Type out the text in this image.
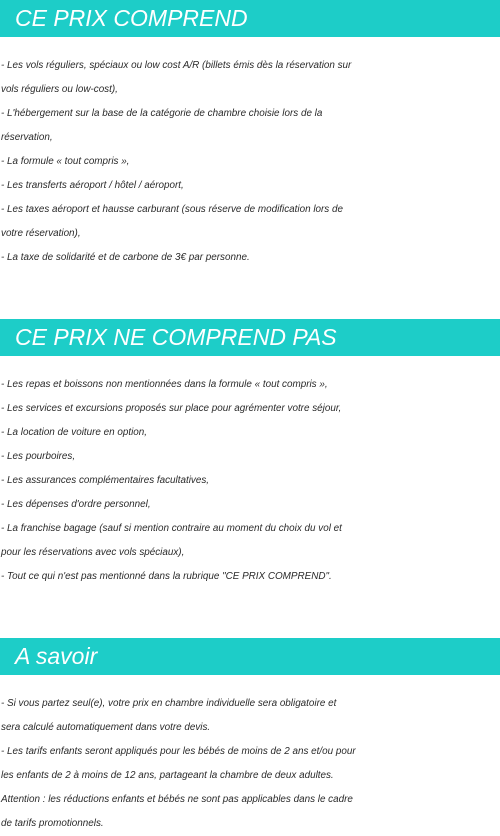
CE PRIX COMPREND
- Les vols réguliers, spéciaux ou low cost A/R (billets émis dès la réservation sur
vols réguliers ou low-cost),
- L'hébergement sur la base de la catégorie de chambre choisie lors de la
réservation,
- La formule « tout compris »,
- Les transferts aéroport / hôtel / aéroport,
- Les taxes aéroport et hausse carburant (sous réserve de modification lors de
votre réservation),
- La taxe de solidarité et de carbone de 3€ par personne.
CE PRIX NE COMPREND PAS
- Les repas et boissons non mentionnées dans la formule « tout compris »,
- Les services et excursions proposés sur place pour agrémenter votre séjour,
- La location de voiture en option,
- Les pourboires,
- Les assurances complémentaires facultatives,
- Les dépenses d'ordre personnel,
- La franchise bagage (sauf si mention contraire au moment du choix du vol et
pour les réservations avec vols spéciaux),
- Tout ce qui n'est pas mentionné dans la rubrique "CE PRIX COMPREND".
A savoir
- Si vous partez seul(e), votre prix en chambre individuelle sera obligatoire et
sera calculé automatiquement dans votre devis.
- Les tarifs enfants seront appliqués pour les bébés de moins de 2 ans et/ou pour
les enfants de 2 à moins de 12 ans, partageant la chambre de deux adultes.
Attention : les réductions enfants et bébés ne sont pas applicables dans le cadre
de tarifs promotionnels.
